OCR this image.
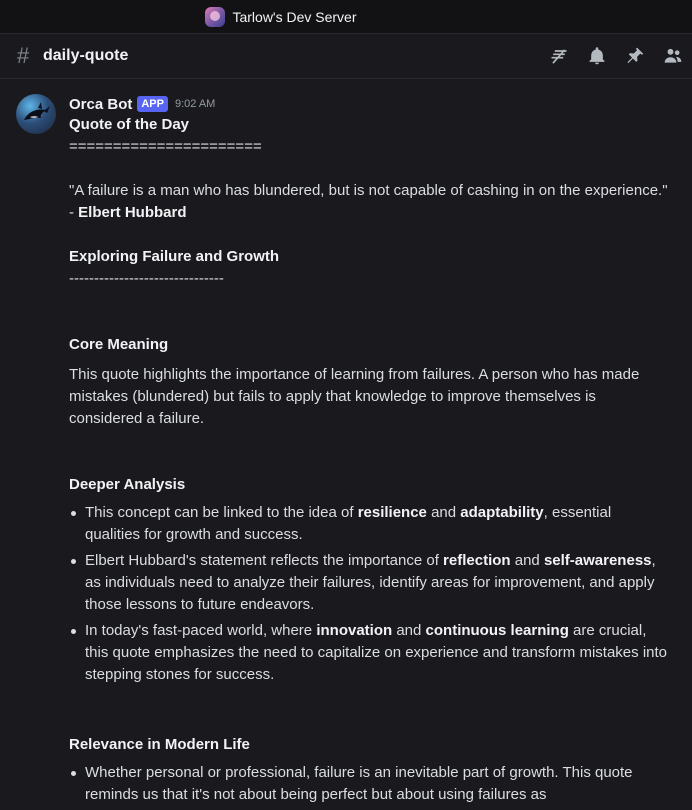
Tarlow's Dev Server
# daily-quote
Orca Bot APP	9:02 AM
Quote of the Day
======================
"A failure is a man who has blundered, but is not capable of cashing in on the experience." - Elbert Hubbard
Exploring Failure and Growth
-------------------------------
Core Meaning
This quote highlights the importance of learning from failures. A person who has made mistakes (blundered) but fails to apply that knowledge to improve themselves is considered a failure.
Deeper Analysis
This concept can be linked to the idea of resilience and adaptability, essential qualities for growth and success.
Elbert Hubbard's statement reflects the importance of reflection and self-awareness, as individuals need to analyze their failures, identify areas for improvement, and apply those lessons to future endeavors.
In today's fast-paced world, where innovation and continuous learning are crucial, this quote emphasizes the need to capitalize on experience and transform mistakes into stepping stones for success.
Relevance in Modern Life
Whether personal or professional, failure is an inevitable part of growth. This quote reminds us that it's not about being perfect but about using failures as
